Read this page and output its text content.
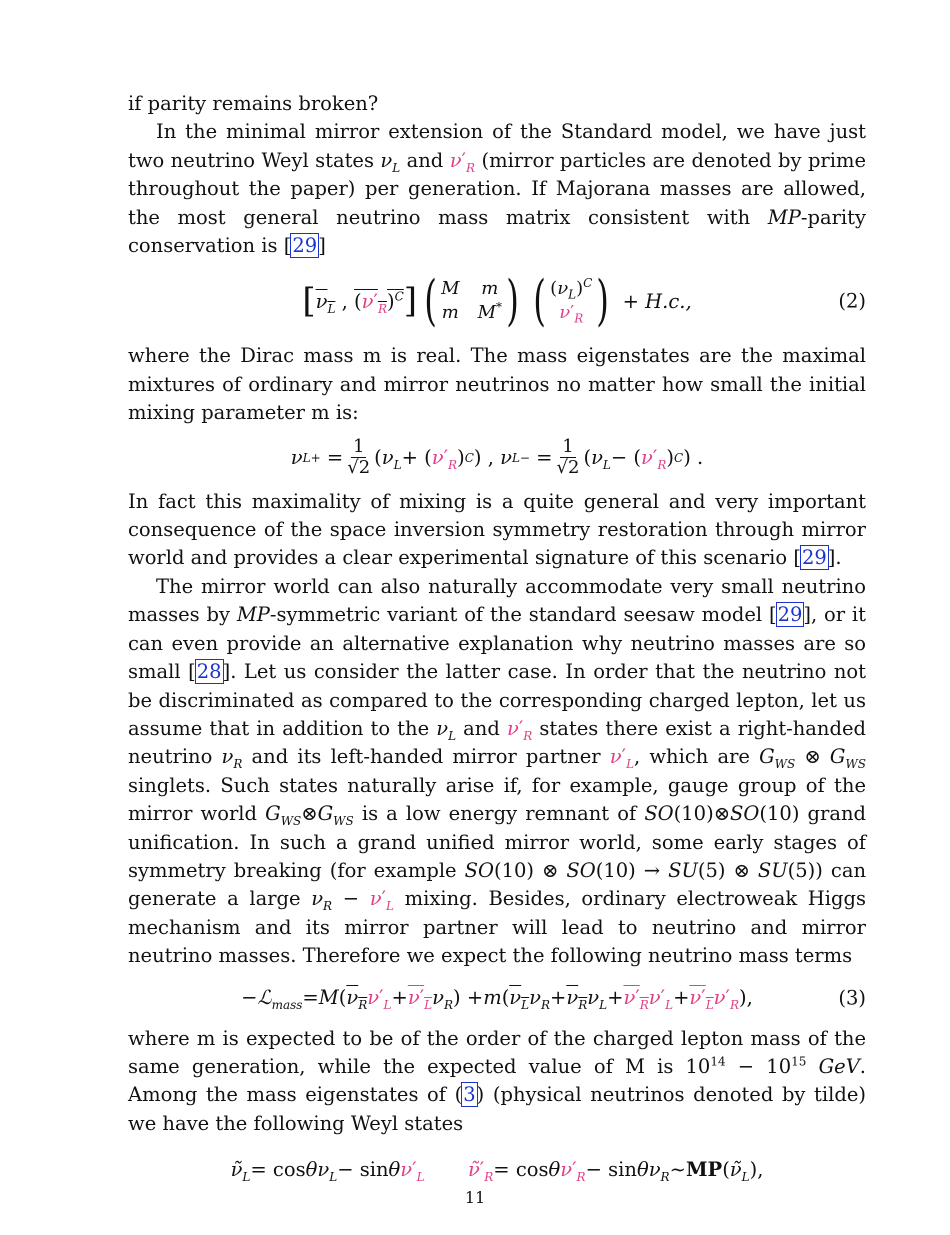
if parity remains broken?

In the minimal mirror extension of the Standard model, we have just two neutrino Weyl states $\nu_L$ and $\nu'_R$ (mirror particles are denoted by prime throughout the paper) per generation. If Majorana masses are allowed, the most general neutrino mass matrix consistent with MP-parity conservation is [29]

[ $\nu_L$ , $(\nu'_R)^C$ ] ( M m
m M* ) ( $(\nu_L)^C$
$\nu'_R$ )
+ H.c.,	(2)

where the Dirac mass m is real. The mass eigenstates are the maximal mixtures of ordinary and mirror neutrinos no matter how small the initial mixing parameter m is:

ν L + = $\frac{1}{√2}$ ( $\nu_L$ + ( $\nu'_R$ ) C ) , ν L − = $\frac{1}{√2}$ ( $\nu_L$ − ( $\nu'_R$ ) C ) .

In fact this maximality of mixing is a quite general and very important consequence of the space inversion symmetry restoration through mirror world and provides a clear experimental signature of this scenario [29].

The mirror world can also naturally accommodate very small neutrino masses by MP-symmetric variant of the standard seesaw model [29], or it can even provide an alternative explanation why neutrino masses are so small [28]. Let us consider the latter case. In order that the neutrino not be discriminated as compared to the corresponding charged lepton, let us assume that in addition to the $\nu_L$ and $\nu'_R$ states there exist a right-handed neutrino $\nu_R$ and its left-handed mirror partner $\nu'_L$, which are $G_{WS}$ ⊗ $G_{WS}$ singlets. Such states naturally arise if, for example, gauge group of the mirror world $G_{WS}\otimes G_{WS}$ is a low energy remnant of SO(10)⊗SO(10) grand unification. In such a grand unified mirror world, some early stages of symmetry breaking (for example SO(10) ⊗ SO(10) → SU(5) ⊗ SU(5)) can generate a large $\nu_R - \nu'_L$ mixing. Besides, ordinary electroweak Higgs mechanism and its mirror partner will lead to neutrino and mirror neutrino masses. Therefore we expect the following neutrino mass terms

− ℒ$_{mass}$ = M ( $\nu_R$ $\nu'_L + \nu'_L$ $\nu_R$ ) + m ( $\nu_L$ $\nu_R + \nu_R$ $\nu_L + \nu'_R$ $\nu'_L + \nu'_L$ $\nu'_R$ ),	(3)

where m is expected to be of the order of the charged lepton mass of the same generation, while the expected value of M is $10^{14} - 10^{15}$ GeV. Among the mass eigenstates of (3) (physical neutrinos denoted by tilde) we have the following Weyl states

$\nũ_L = \cos \theta$ $\nu_L - \sin \theta$ $\nu'_L$
$\nũ'_R = \cos \theta$ $\nu'_R - \sin \theta$ $\nu_R$ ∼ MP ( $\nũ_L$ ),
11
